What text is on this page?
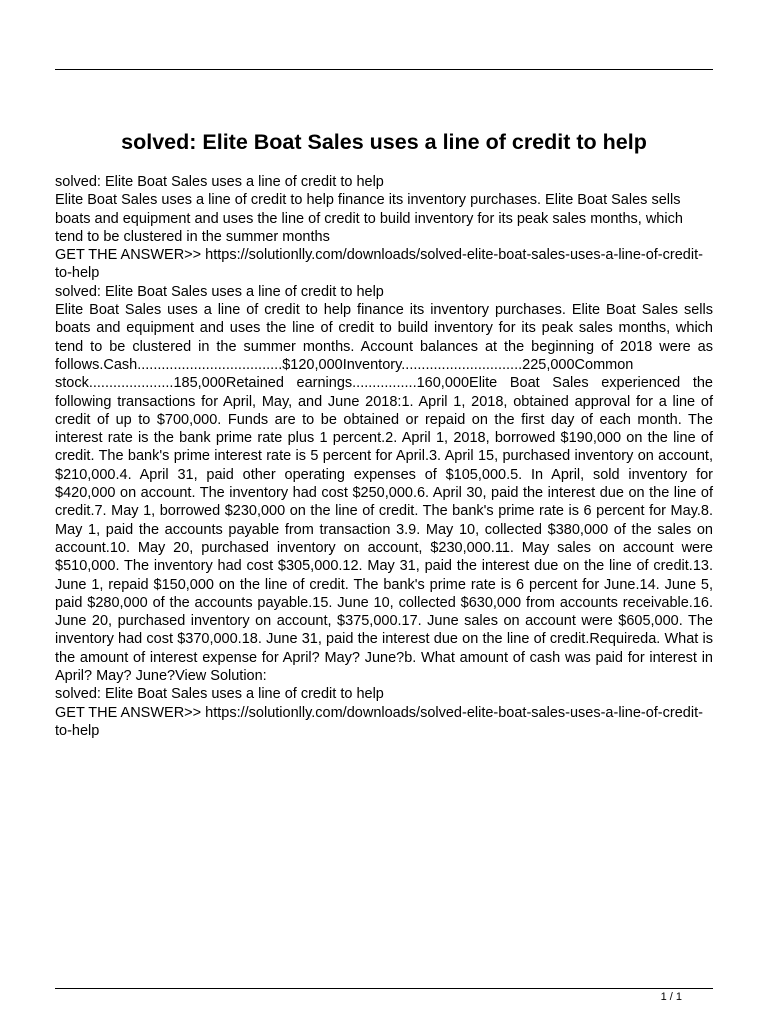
solved: Elite Boat Sales uses a line of credit to help

solved: Elite Boat Sales uses a line of credit to help

Elite Boat Sales uses a line of credit to help finance its inventory purchases. Elite Boat Sales sells boats and equipment and uses the line of credit to build inventory for its peak sales months, which tend to be clustered in the summer months

GET THE ANSWER>> https://solutionlly.com/downloads/solved-elite-boat-sales-uses-a-line-of-credit-to-help

solved: Elite Boat Sales uses a line of credit to help

Elite Boat Sales uses a line of credit to help finance its inventory purchases. Elite Boat Sales sells boats and equipment and uses the line of credit to build inventory for its peak sales months, which tend to be clustered in the summer months. Account balances at the beginning of 2018 were as follows.Cash....................................$120,000Inventory..............................225,000Common stock.....................185,000Retained earnings................160,000Elite Boat Sales experienced the following transactions for April, May, and June 2018:1. April 1, 2018, obtained approval for a line of credit of up to $700,000. Funds are to be obtained or repaid on the first day of each month. The interest rate is the bank prime rate plus 1 percent.2. April 1, 2018, borrowed $190,000 on the line of credit. The bank's prime interest rate is 5 percent for April.3. April 15, purchased inventory on account, $210,000.4. April 31, paid other operating expenses of $105,000.5. In April, sold inventory for $420,000 on account. The inventory had cost $250,000.6. April 30, paid the interest due on the line of credit.7. May 1, borrowed $230,000 on the line of credit. The bank's prime rate is 6 percent for May.8. May 1, paid the accounts payable from transaction 3.9. May 10, collected $380,000 of the sales on account.10. May 20, purchased inventory on account, $230,000.11. May sales on account were $510,000. The inventory had cost $305,000.12. May 31, paid the interest due on the line of credit.13. June 1, repaid $150,000 on the line of credit. The bank's prime rate is 6 percent for June.14. June 5, paid $280,000 of the accounts payable.15. June 10, collected $630,000 from accounts receivable.16. June 20, purchased inventory on account, $375,000.17. June sales on account were $605,000. The inventory had cost $370,000.18. June 31, paid the interest due on the line of credit.Requireda. What is the amount of interest expense for April? May? June?b. What amount of cash was paid for interest in April? May? June?View Solution:

solved: Elite Boat Sales uses a line of credit to help

GET THE ANSWER>> https://solutionlly.com/downloads/solved-elite-boat-sales-uses-a-line-of-credit-to-help

1 / 1
